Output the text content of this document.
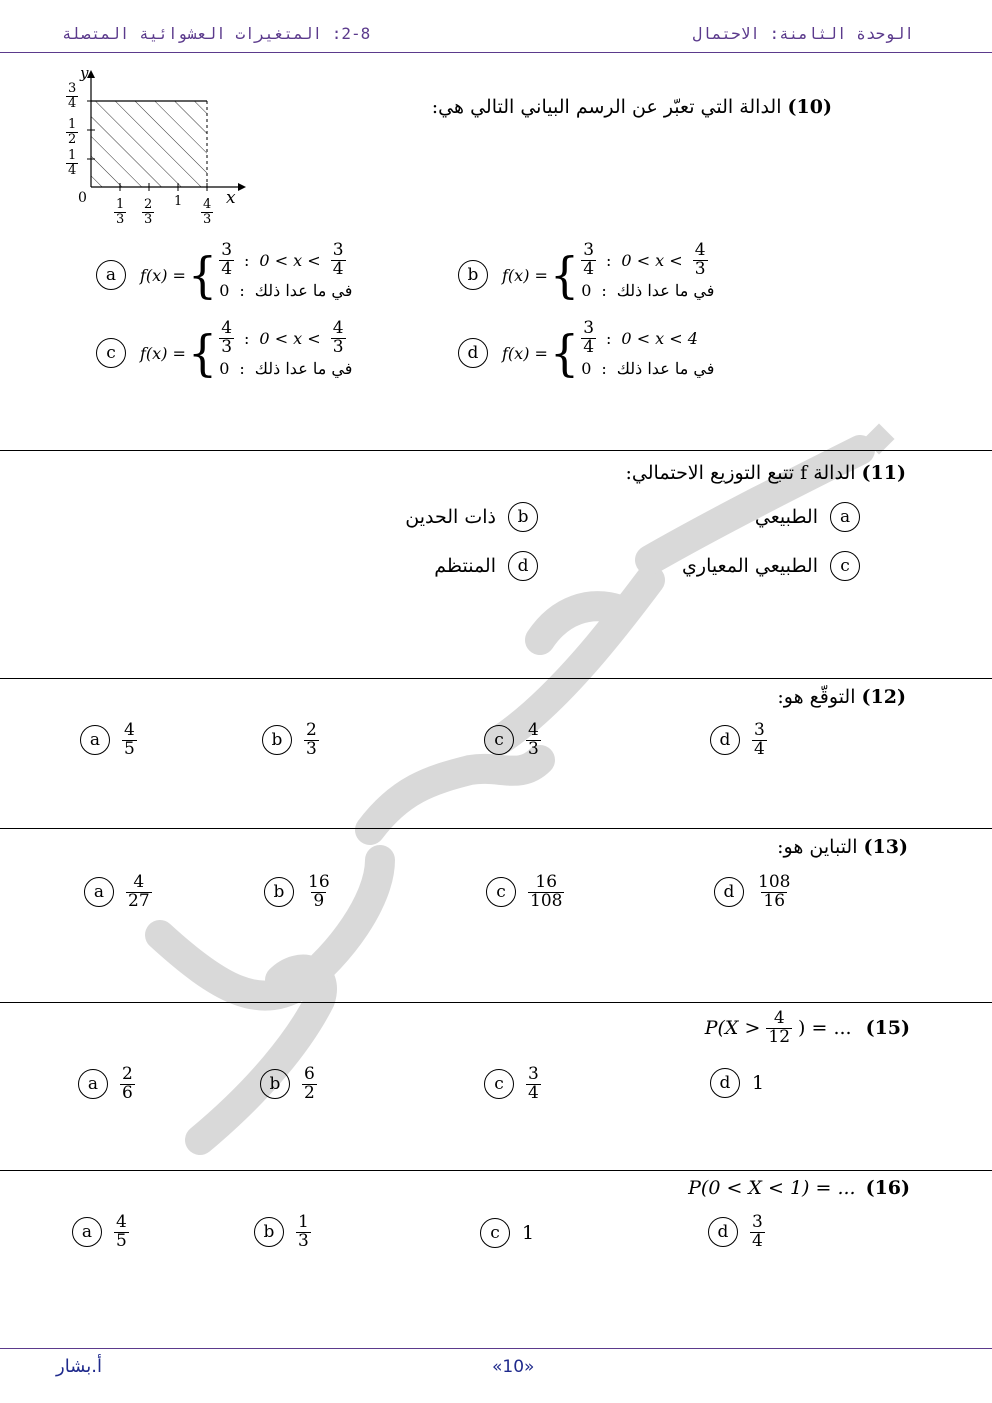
الوحدة الثامنة: الاحتمال
2-8: المتغيرات العشوائية المتصلة
y
x
0
$\frac{3}{4}$
$\frac{1}{2}$
$\frac{1}{4}$
$\frac{1}{3} \frac{2}{3} 1 \frac{4}{3}$
(10) الدالة التي تعبّر عن الرسم البياني التالي هي:
a	f(x) = { $\frac{3}{4}$ : $0 < x < \frac{3}{4}$
0 : في ما عدا ذلك
b	f(x) = { $\frac{3}{4}$ : $0 < x < \frac{4}{3}$
0 : في ما عدا ذلك
c	f(x) = { $\frac{4}{3}$ : $0 < x < \frac{4}{3}$
0 : في ما عدا ذلك
d	f(x) = { $\frac{3}{4}$ : 0 < x < 4
0 : في ما عدا ذلك
(11) الدالة f تتبع التوزيع الاحتمالي:
a
الطبيعي
b
ذات الحدين
c
الطبيعي المعياري
d
المنتظم
(12) التوقّع هو:
a	$\frac{4}{5}$	b	$\frac{2}{3}$	c	$\frac{4}{3}$	d	$\frac{3}{4}$
(13) التباين هو:
a	$\frac{4}{27}$	b	$\frac{16}{9}$	c	$\frac{16}{108}$	d	$\frac{108}{16}$
$P(X > \frac{4}{12}$ ) = ... (15)
a	$\frac{2}{6}$	b	$\frac{6}{2}$	c	$\frac{3}{4}$	d	1
P(0 < X < 1) = ... (16)
a	$\frac{4}{5}$	b	$\frac{1}{3}$	c	1	d	$\frac{3}{4}$
أ.بشار	«10»
